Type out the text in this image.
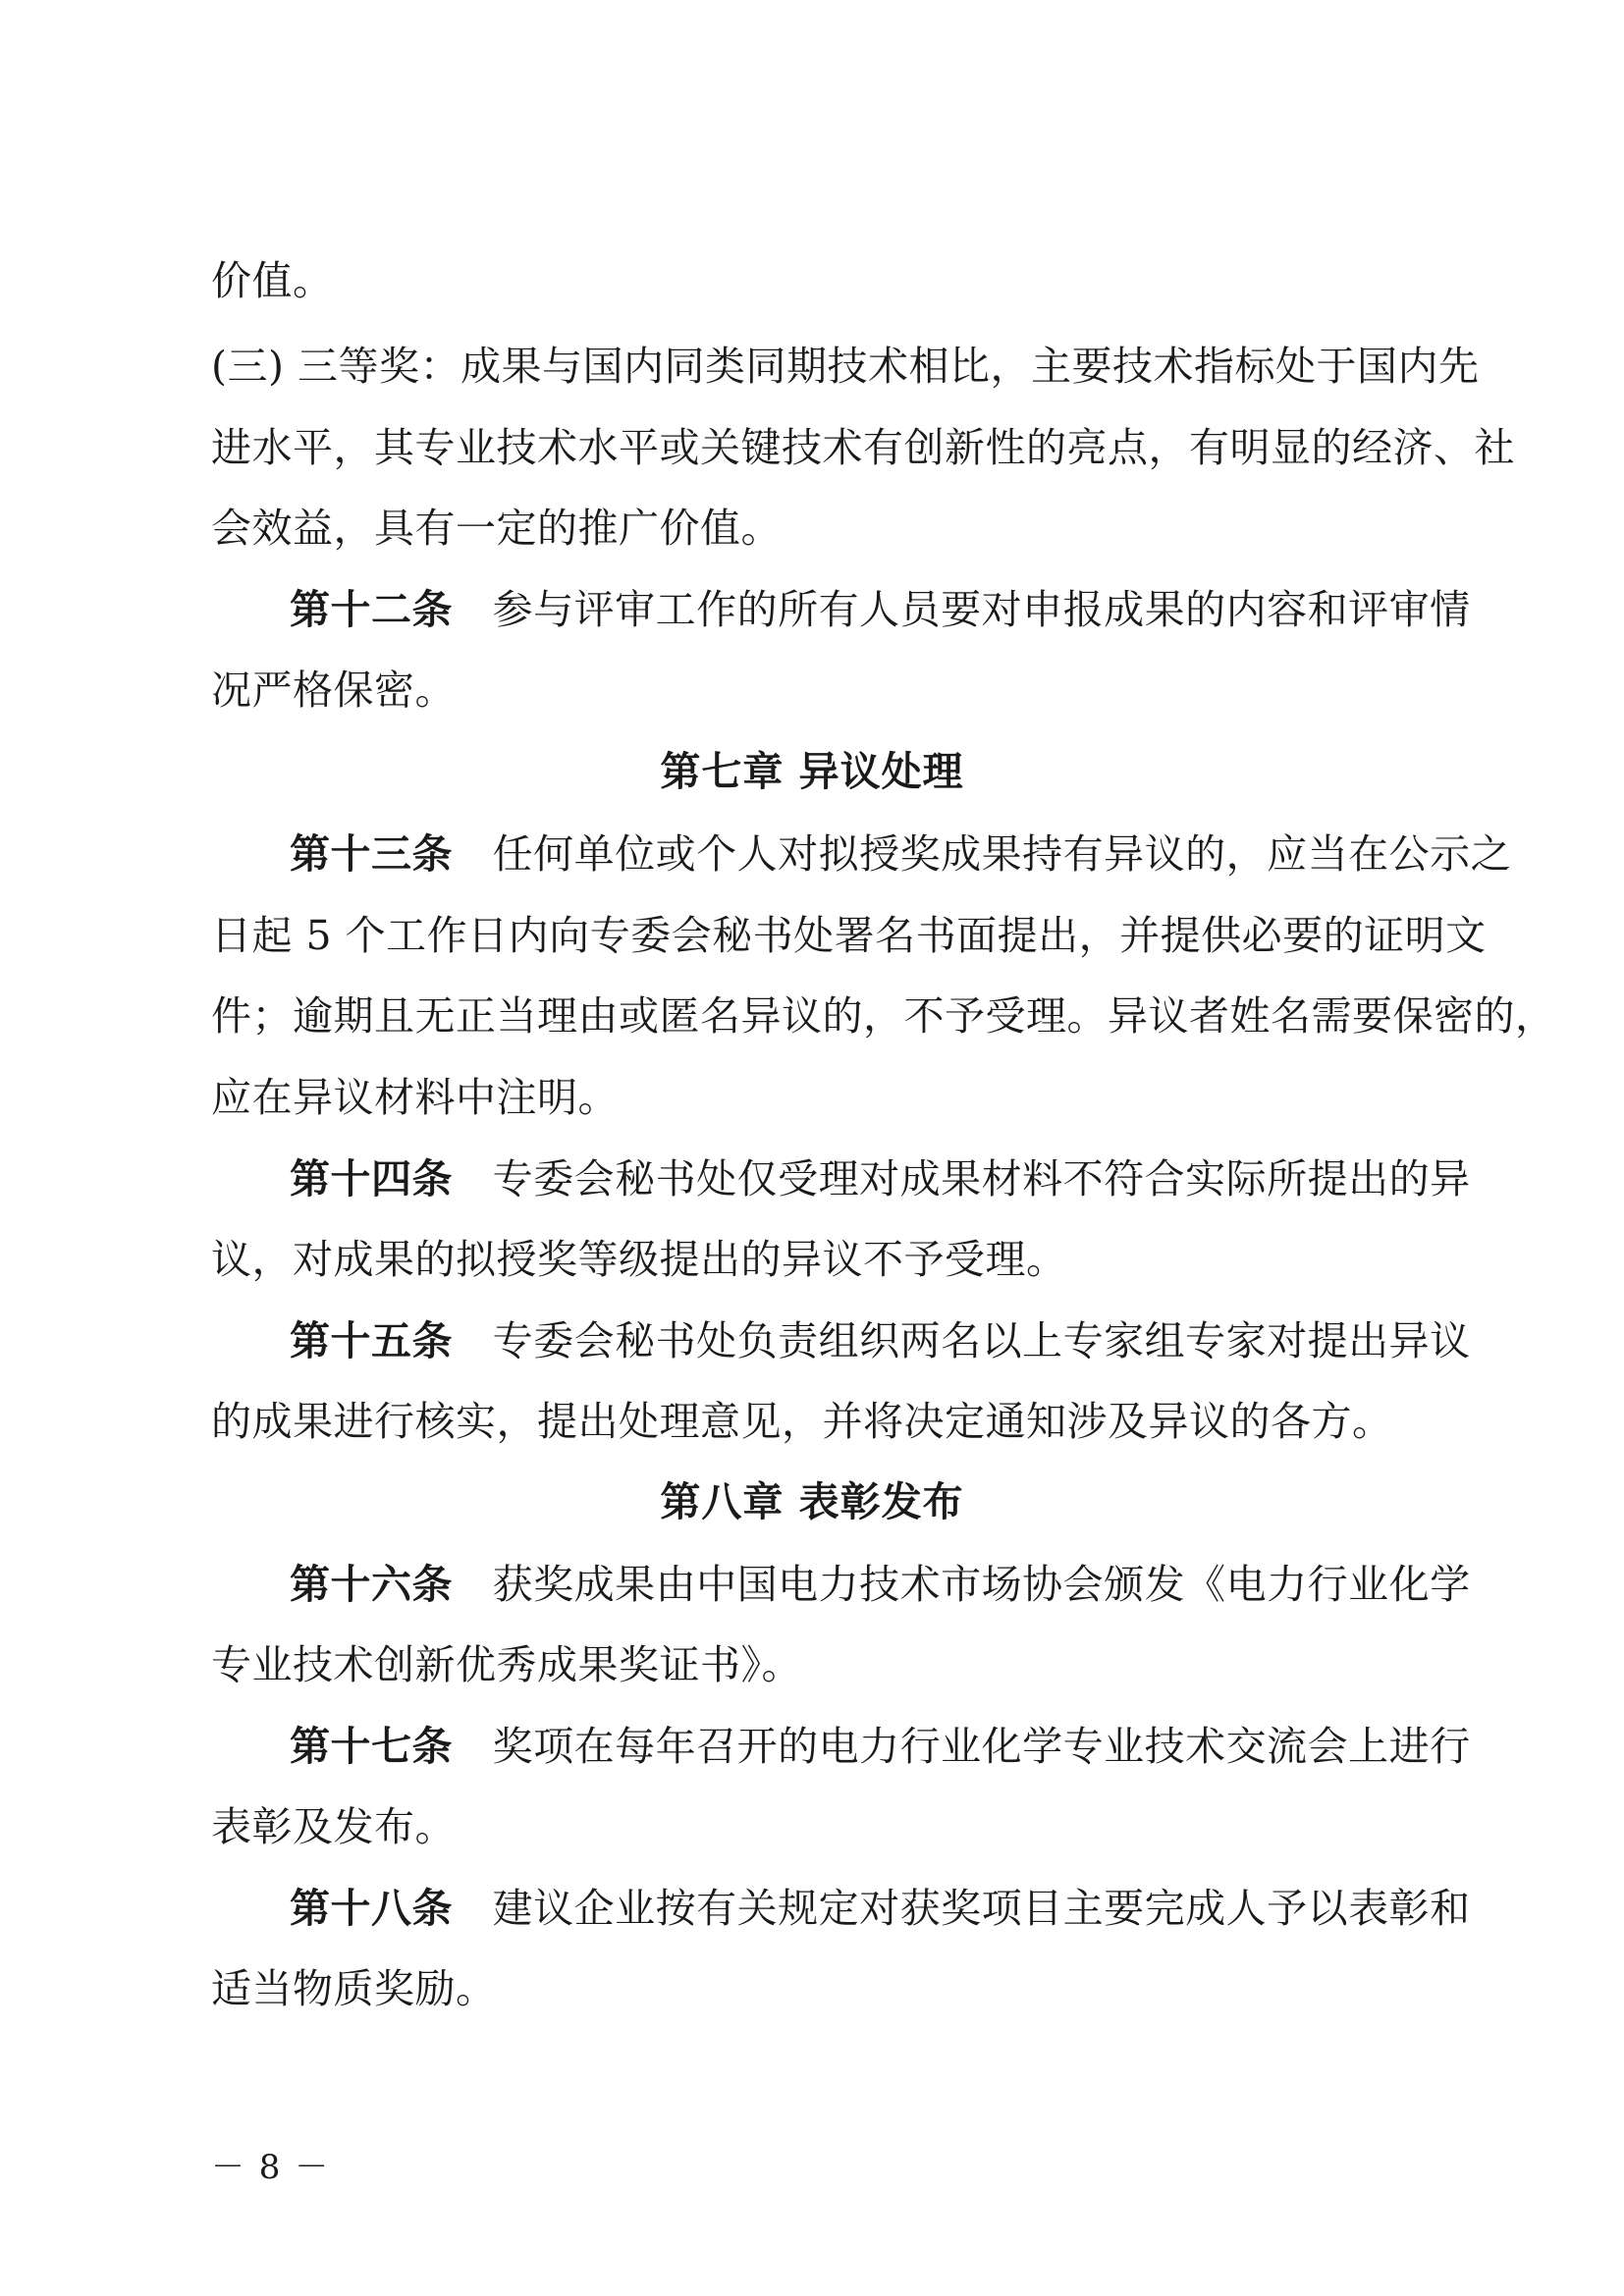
价值。
(三) 三等奖：成果与国内同类同期技术相比，主要技术指标处于国内先
进水平，其专业技术水平或关键技术有创新性的亮点，有明显的经济、社
会效益，具有一定的推广价值。
第十二条 参与评审工作的所有人员要对申报成果的内容和评审情
况严格保密。
第七章 异议处理
第十三条 任何单位或个人对拟授奖成果持有异议的，应当在公示之
日起 5 个工作日内向专委会秘书处署名书面提出，并提供必要的证明文
件；逾期且无正当理由或匿名异议的，不予受理。异议者姓名需要保密的，
应在异议材料中注明。
第十四条 专委会秘书处仅受理对成果材料不符合实际所提出的异
议，对成果的拟授奖等级提出的异议不予受理。
第十五条 专委会秘书处负责组织两名以上专家组专家对提出异议
的成果进行核实，提出处理意见，并将决定通知涉及异议的各方。
第八章 表彰发布
第十六条 获奖成果由中国电力技术市场协会颁发《电力行业化学
专业技术创新优秀成果奖证书》。
第十七条 奖项在每年召开的电力行业化学专业技术交流会上进行
表彰及发布。
第十八条 建议企业按有关规定对获奖项目主要完成人予以表彰和
适当物质奖励。
－ 8 －
